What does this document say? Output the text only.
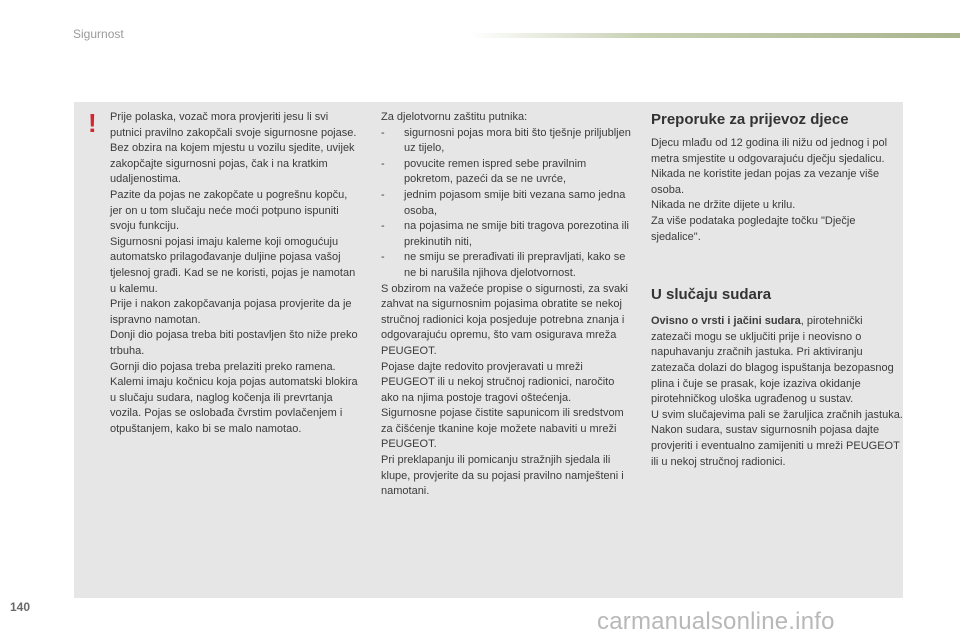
Sigurnost
! Prije polaska, vozač mora provjeriti jesu li svi putnici pravilno zakopčali svoje sigurnosne pojase.

Bez obzira na kojem mjestu u vozilu sjedite, uvijek zakopčajte sigurnosni pojas, čak i na kratkim udaljenostima.

Pazite da pojas ne zakopčate u pogrešnu kopču, jer on u tom slučaju neće moći potpuno ispuniti svoju funkciju.

Sigurnosni pojasi imaju kaleme koji omogućuju automatsko prilagođavanje duljine pojasa vašoj tjelesnoj građi. Kad se ne koristi, pojas je namotan u kalemu.

Prije i nakon zakopčavanja pojasa provjerite da je ispravno namotan.

Donji dio pojasa treba biti postavljen što niže preko trbuha.

Gornji dio pojasa treba prelaziti preko ramena.

Kalemi imaju kočnicu koja pojas automatski blokira u slučaju sudara, naglog kočenja ili prevrtanja vozila. Pojas se oslobađa čvrstim povlačenjem i otpuštanjem, kako bi se malo namotao.

Za djelotvornu zaštitu putnika:

-	sigurnosni pojas mora biti što tješnje priljubljen uz tijelo,
-	povucite remen ispred sebe pravilnim pokretom, pazeći da se ne uvrće,
-	jednim pojasom smije biti vezana samo jedna osoba,
-	na pojasima ne smije biti tragova porezotina ili prekinutih niti,
-	ne smiju se prerađivati ili prepravljati, kako se ne bi narušila njihova djelotvornost.

S obzirom na važeće propise o sigurnosti, za svaki zahvat na sigurnosnim pojasima obratite se nekoj stručnoj radionici koja posjeduje potrebna znanja i odgovarajuću opremu, što vam osigurava mreža PEUGEOT.

Pojase dajte redovito provjeravati u mreži PEUGEOT ili u nekoj stručnoj radionici, naročito ako na njima postoje tragovi oštećenja.

Sigurnosne pojase čistite sapunicom ili sredstvom za čišćenje tkanine koje možete nabaviti u mreži PEUGEOT.

Pri preklapanju ili pomicanju stražnjih sjedala ili klupe, provjerite da su pojasi pravilno namješteni i namotani.

Preporuke za prijevoz djece

Djecu mlađu od 12 godina ili nižu od jednog i pol metra smjestite u odgovarajuću dječju sjedalicu.

Nikada ne koristite jedan pojas za vezanje više osoba.

Nikada ne držite dijete u krilu.

Za više podataka pogledajte točku "Dječje sjedalice".

U slučaju sudara

Ovisno o vrsti i jačini sudara, pirotehnički zatezači mogu se uključiti prije i neovisno o napuhavanju zračnih jastuka. Pri aktiviranju zatezača dolazi do blagog ispuštanja bezopasnog plina i čuje se prasak, koje izaziva okidanje pirotehničkog uloška ugrađenog u sustav.

U svim slučajevima pali se žaruljica zračnih jastuka.

Nakon sudara, sustav sigurnosnih pojasa dajte provjeriti i eventualno zamijeniti u mreži PEUGEOT ili u nekoj stručnoj radionici.

140
carmanualsonline.info
